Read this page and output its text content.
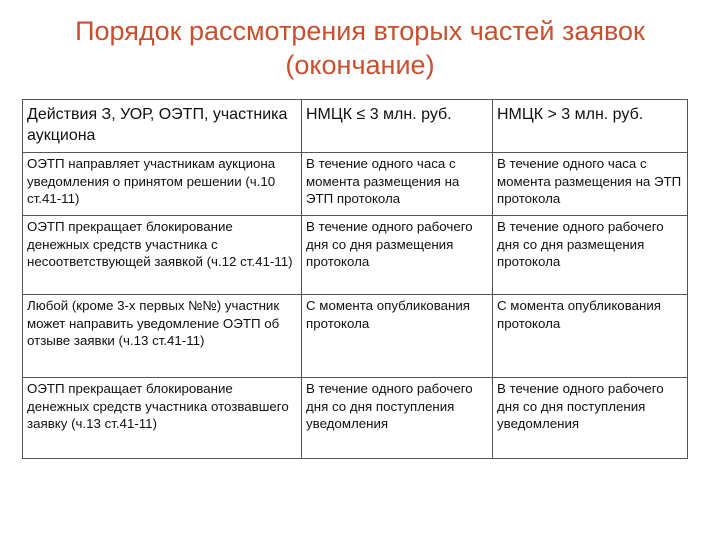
Порядок рассмотрения вторых частей заявок
(окончание)
Действия З, УОР, ОЭТП, участника аукциона	НМЦК ≤ 3 млн. руб.	НМЦК > 3 млн. руб.
ОЭТП направляет участникам аукциона уведомления о принятом решении (ч.10 ст.41-11)	В течение одного часа с момента размещения на ЭТП протокола	В течение одного часа с момента размещения на ЭТП протокола
ОЭТП прекращает блокирование денежных средств участника с несоответствующей заявкой (ч.12 ст.41-11)	В течение одного рабочего дня со дня размещения протокола	В течение одного рабочего дня со дня размещения протокола
Любой (кроме 3-х первых №№) участник может направить уведомление ОЭТП об отзыве заявки (ч.13 ст.41-11)	С момента опубликования протокола	С момента опубликования протокола
ОЭТП прекращает блокирование денежных средств участника отозвавшего заявку (ч.13 ст.41-11)	В течение одного рабочего дня со дня поступления уведомления	В течение одного рабочего дня со дня поступления уведомления
